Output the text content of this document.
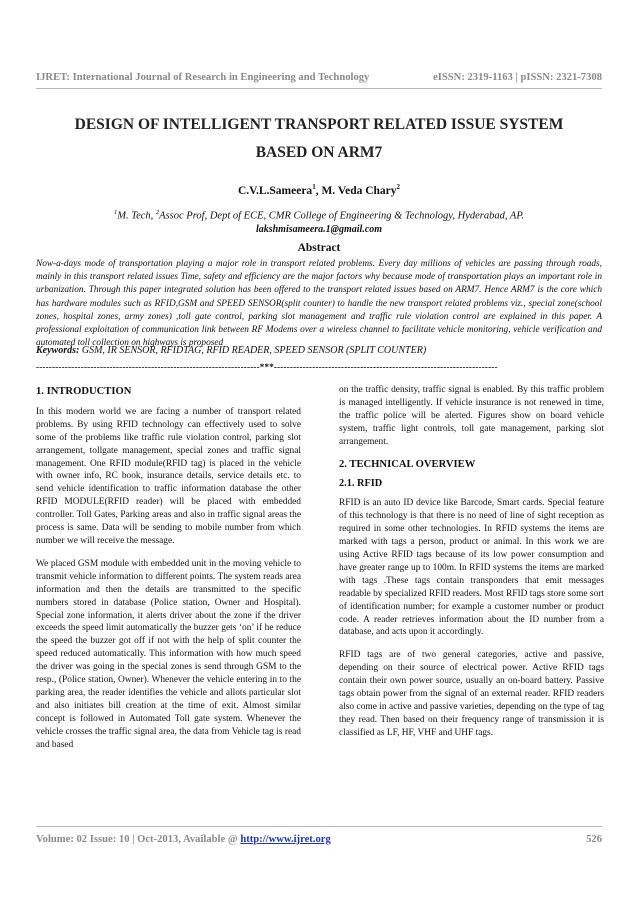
IJRET: International Journal of Research in Engineering and Technology	eISSN: 2319-1163 | pISSN: 2321-7308
DESIGN OF INTELLIGENT TRANSPORT RELATED ISSUE SYSTEM
BASED ON ARM7
C.V.L.Sameera$^1$, M. Veda Chary$^2$
$^1$M. Tech, $^2$Assoc Prof, Dept of ECE, CMR College of Engineering & Technology, Hyderabad, AP.
lakshmisameera.1@gmail.com
Abstract
Now-a-days mode of transportation playing a major role in transport related problems. Every day millions of vehicles are passing through roads, mainly in this transport related issues Time, safety and efficiency are the major factors why because mode of transportation plays an important role in urbanization. Through this paper integrated solution has been offered to the transport related issues based on ARM7. Hence ARM7 is the core which has hardware modules such as RFID,GSM and SPEED SENSOR(split counter) to handle the new transport related problems viz., special zone(school zones, hospital zones, army zones) ,toll gate control, parking slot management and traffic rule violation control are explained in this paper. A professional exploitation of communication link between RF Modems over a wireless channel to facilitate vehicle monitoring, vehicle verification and automated toll collection on highways is proposed
Keywords: GSM, IR SENSOR, RFIDTAG, RFID READER, SPEED SENSOR (SPLIT COUNTER)
----------------------------------------------------------------------***----------------------------------------------------------------------
1. INTRODUCTION

In this modern world we are facing a number of transport related problems. By using RFID technology can effectively used to solve some of the problems like traffic rule violation control, parking slot arrangement, tollgate management, special zones and traffic signal management. One RFID module(RFID tag) is placed in the vehicle with owner info, RC book, insurance details, service details etc. to send vehicle identification to traffic information database the other RFID MODULE(RFID reader) will be placed with embedded controller. Toll Gates, Parking areas and also in traffic signal areas the process is same. Data will be sending to mobile number from which number we will receive the message.

We placed GSM module with embedded unit in the moving vehicle to transmit vehicle information to different points. The system reads area information and then the details are transmitted to the specific numbers stored in database (Police station, Owner and Hospital). Special zone information, it alerts driver about the zone if the driver exceeds the speed limit automatically the buzzer gets ‘on’ if he reduce the speed the buzzer got off if not with the help of split counter the speed reduced automatically. This information with how much speed the driver was going in the special zones is send through GSM to the resp., (Police station, Owner). Whenever the vehicle entering in to the parking area, the reader identifies the vehicle and allots particular slot and also initiates bill creation at the time of exit. Almost similar concept is followed in Automated Toll gate system. Whenever the vehicle crosses the traffic signal area, the data from Vehicle tag is read and based

on the traffic density, traffic signal is enabled. By this traffic problem is managed intelligently. If vehicle insurance is not renewed in time, the traffic police will be alerted. Figures show on board vehicle system, traffic light controls, toll gate management, parking slot arrangement.

2. TECHNICAL OVERVIEW
2.1. RFID

RFID is an auto ID device like Barcode, Smart cards. Special feature of this technology is that there is no need of line of sight reception as required in some other technologies. In RFID systems the items are marked with tags a person, product or animal. In this work we are using Active RFID tags because of its low power consumption and have greater range up to 100m. In RFID systems the items are marked with tags .These tags contain transponders that emit messages readable by specialized RFID readers. Most RFID tags store some sort of identification number; for example a customer number or product code. A reader retrieves information about the ID number from a database, and acts upon it accordingly.

RFID tags are of two general categories, active and passive, depending on their source of electrical power. Active RFID tags contain their own power source, usually an on-board battery. Passive tags obtain power from the signal of an external reader. RFID readers also come in active and passive varieties, depending on the type of tag they read. Then based on their frequency range of transmission it is classified as LF, HF, VHF and UHF tags.

Volume: 02 Issue: 10 | Oct-2013, Available @ http://www.ijret.org	526
